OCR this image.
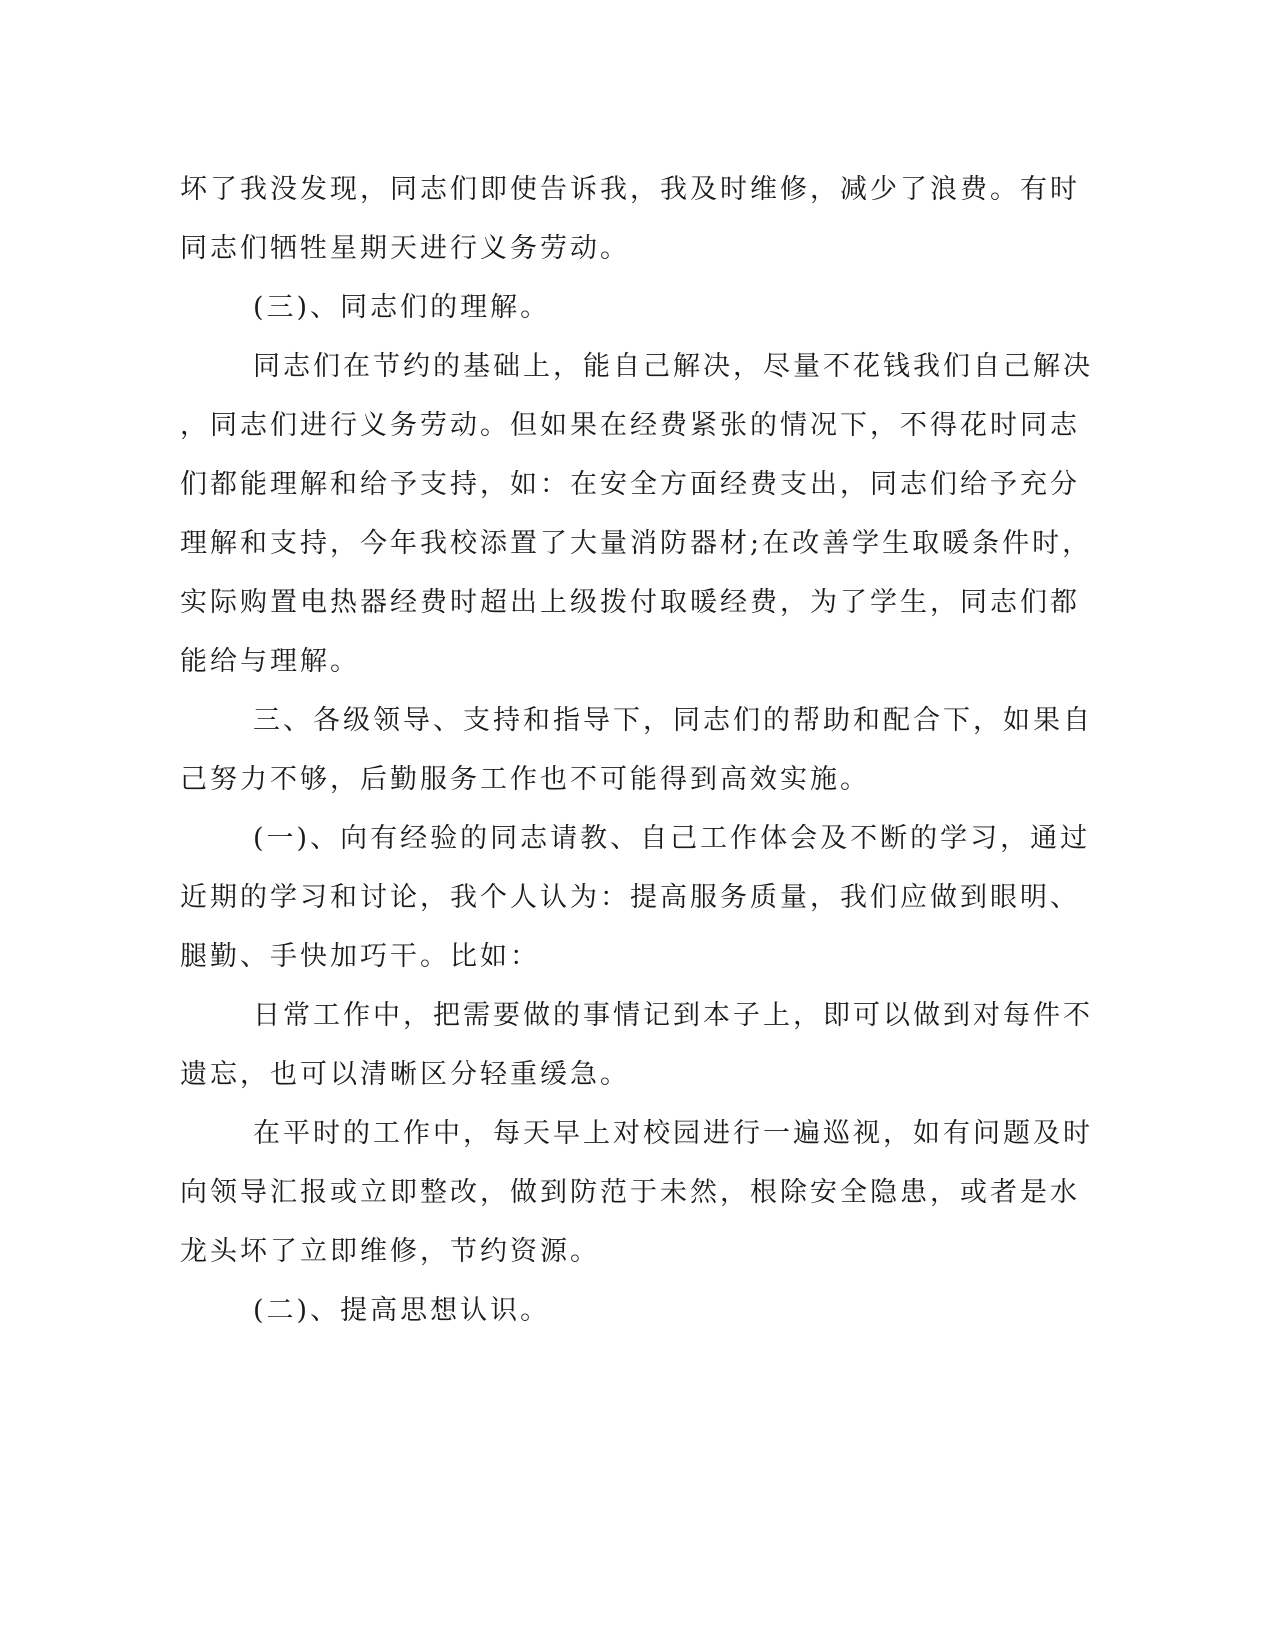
坏了我没发现，同志们即使告诉我，我及时维修，减少了浪费。有时
同志们牺牲星期天进行义务劳动。

(三)、同志们的理解。

同志们在节约的基础上，能自己解决，尽量不花钱我们自己解决
，同志们进行义务劳动。但如果在经费紧张的情况下，不得花时同志
们都能理解和给予支持，如：在安全方面经费支出，同志们给予充分
理解和支持，今年我校添置了大量消防器材;在改善学生取暖条件时，
实际购置电热器经费时超出上级拨付取暖经费，为了学生，同志们都
能给与理解。

三、各级领导、支持和指导下，同志们的帮助和配合下，如果自
己努力不够，后勤服务工作也不可能得到高效实施。

(一)、向有经验的同志请教、自己工作体会及不断的学习，通过
近期的学习和讨论，我个人认为：提高服务质量，我们应做到眼明、
腿勤、手快加巧干。比如：

日常工作中，把需要做的事情记到本子上，即可以做到对每件不
遗忘，也可以清晰区分轻重缓急。

在平时的工作中，每天早上对校园进行一遍巡视，如有问题及时
向领导汇报或立即整改，做到防范于未然，根除安全隐患，或者是水
龙头坏了立即维修，节约资源。

(二)、提高思想认识。
